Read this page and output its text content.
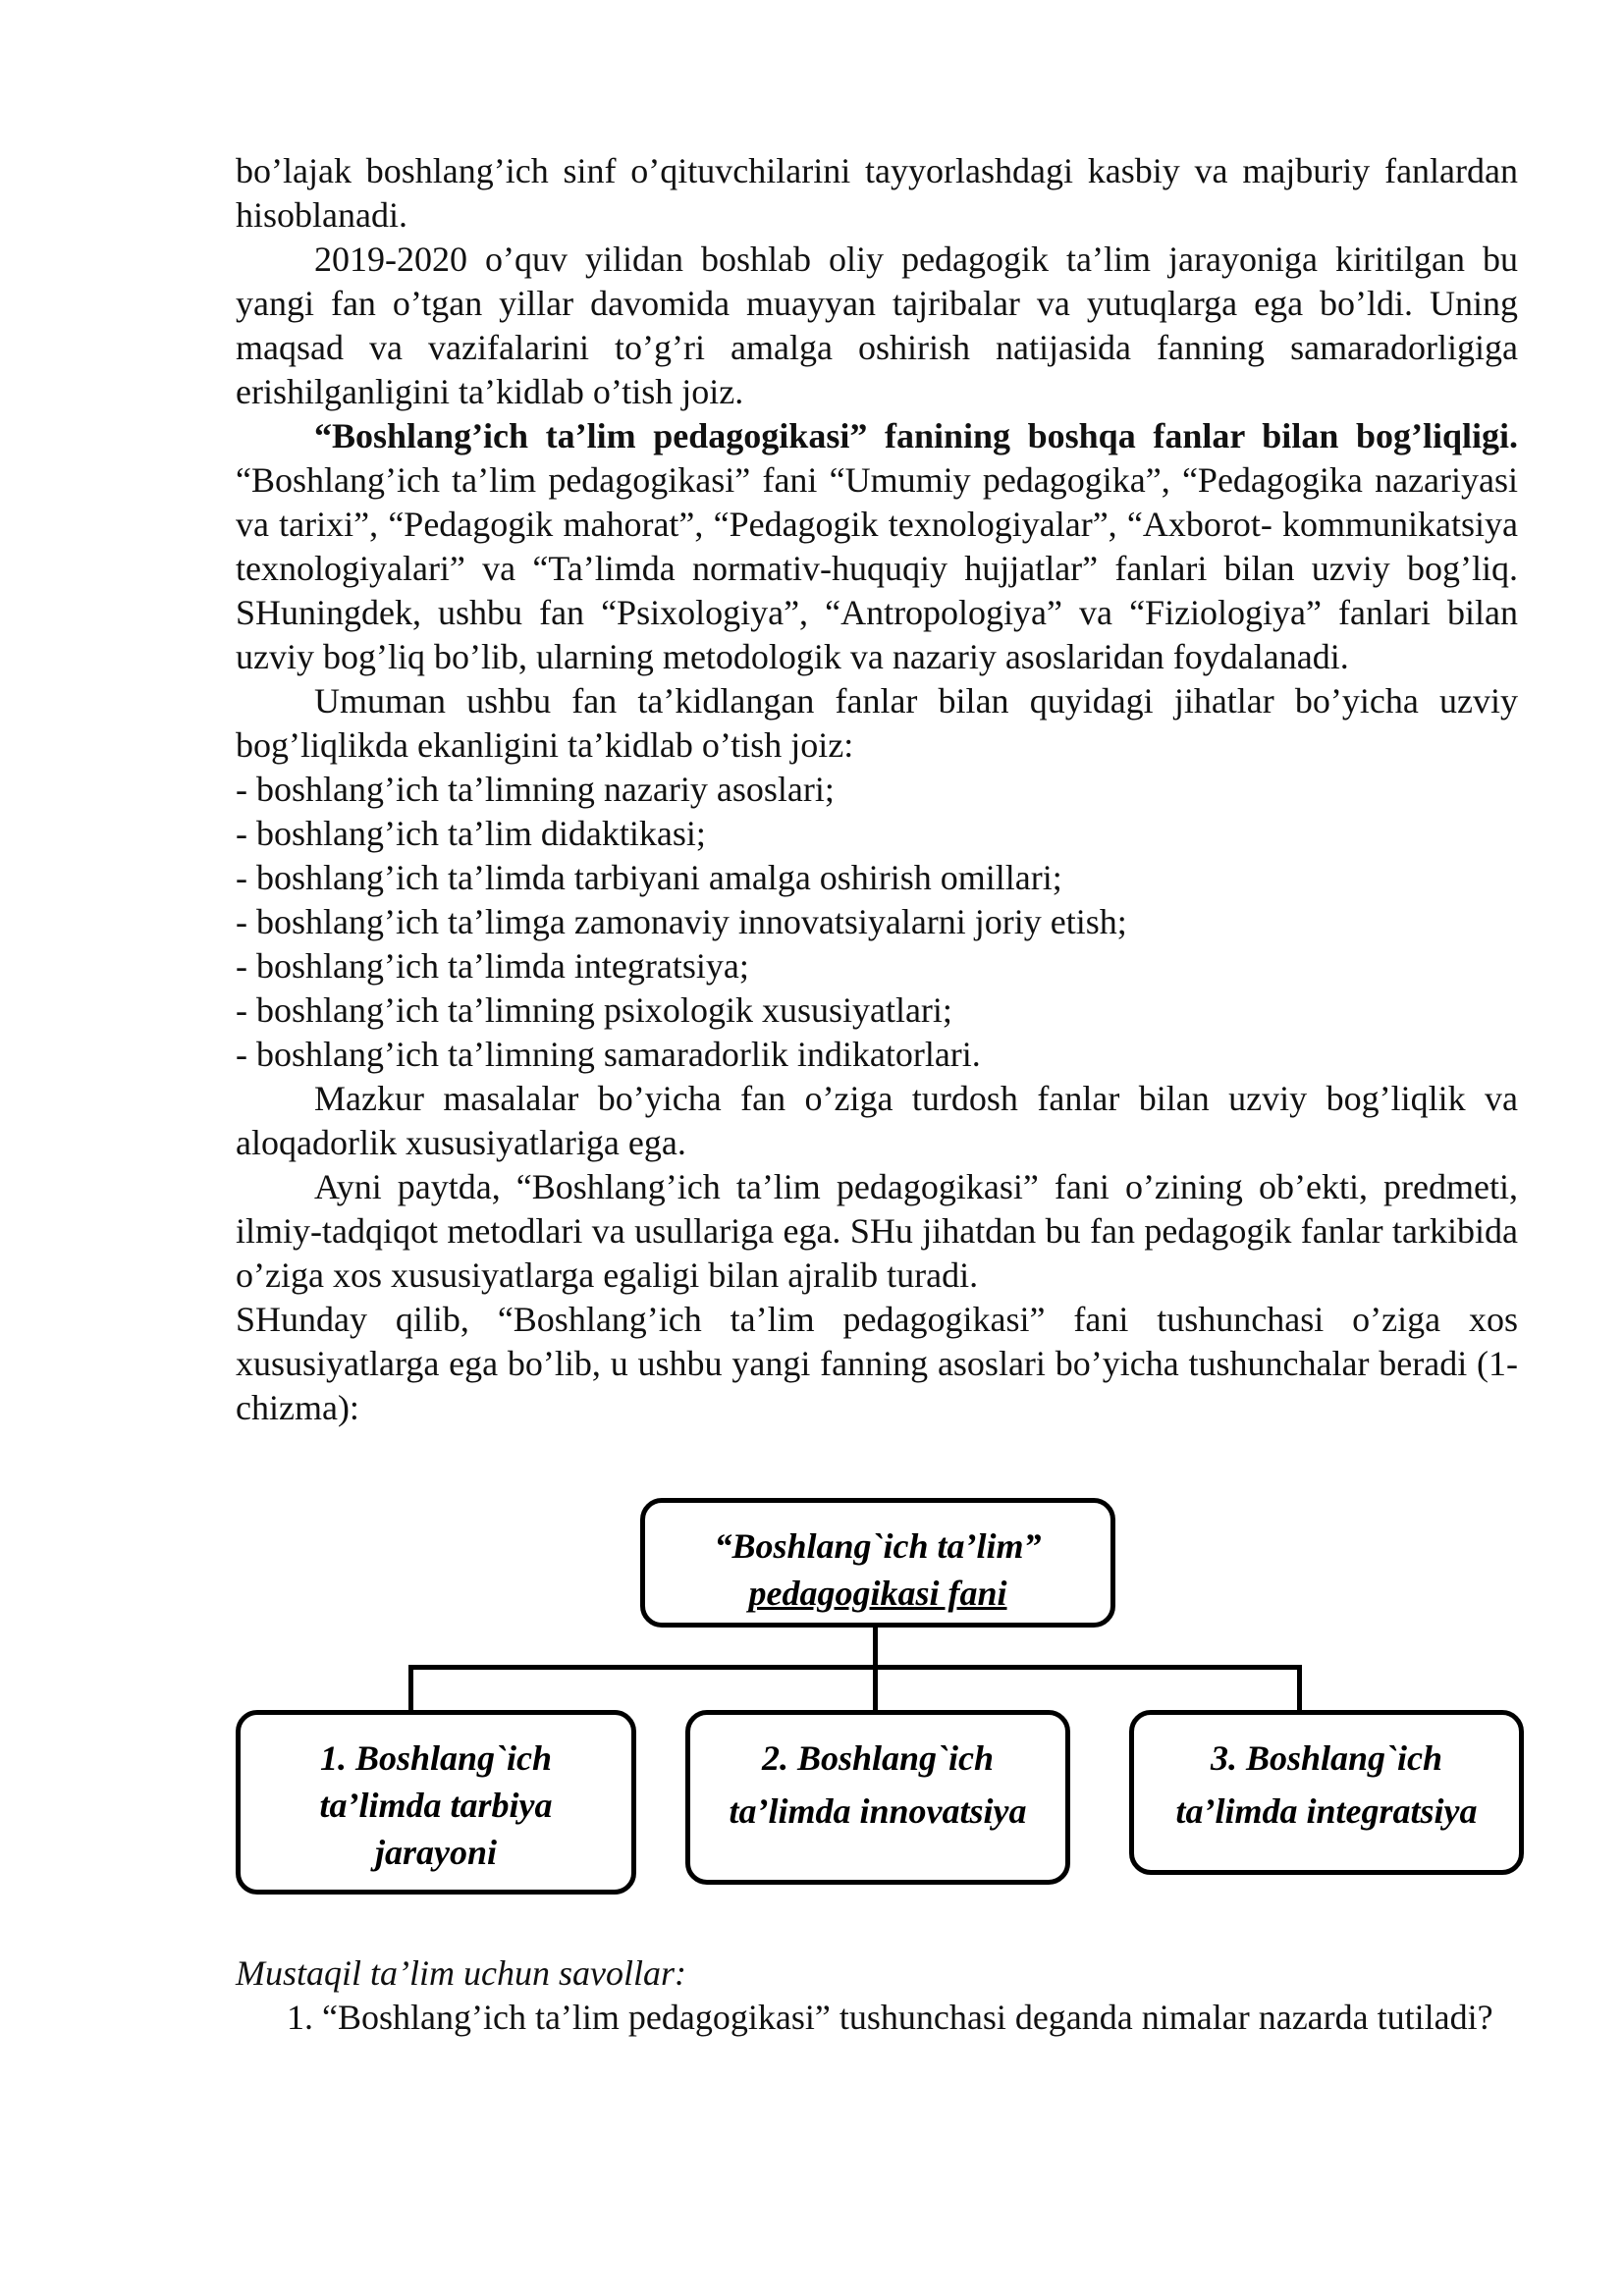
bo’lajak boshlang’ich sinf o’qituvchilarini tayyorlashdagi kasbiy va majburiy fanlardan hisoblanadi.

2019-2020 o’quv yilidan boshlab oliy pedagogik ta’lim jarayoniga kiritilgan bu yangi fan o’tgan yillar davomida muayyan tajribalar va yutuqlarga ega bo’ldi. Uning maqsad va vazifalarini to’g’ri amalga oshirish natijasida fanning samaradorligiga erishilganligini ta’kidlab o’tish joiz.

“Boshlang’ich ta’lim pedagogikasi” fanining boshqa fanlar bilan bog’liqligi. “Boshlang’ich ta’lim pedagogikasi” fani “Umumiy pedagogika”, “Pedagogika nazariyasi va tarixi”, “Pedagogik mahorat”, “Pedagogik texnologiyalar”, “Axborot- kommunikatsiya texnologiyalari” va “Ta’limda normativ-huquqiy hujjatlar” fanlari bilan uzviy bog’liq. SHuningdek, ushbu fan “Psixologiya”, “Antropologiya” va “Fiziologiya” fanlari bilan uzviy bog’liq bo’lib, ularning metodologik va nazariy asoslaridan foydalanadi.

Umuman ushbu fan ta’kidlangan fanlar bilan quyidagi jihatlar bo’yicha uzviy bog’liqlikda ekanligini ta’kidlab o’tish joiz:

- boshlang’ich ta’limning nazariy asoslari;

- boshlang’ich ta’lim didaktikasi;

- boshlang’ich ta’limda tarbiyani amalga oshirish omillari;

- boshlang’ich ta’limga zamonaviy innovatsiyalarni joriy etish;

- boshlang’ich ta’limda integratsiya;

- boshlang’ich ta’limning psixologik xususiyatlari;

- boshlang’ich ta’limning samaradorlik indikatorlari.

Mazkur masalalar bo’yicha fan o’ziga turdosh fanlar bilan uzviy bog’liqlik va aloqadorlik xususiyatlariga ega.

Ayni paytda, “Boshlang’ich ta’lim pedagogikasi” fani o’zining ob’ekti, predmeti, ilmiy-tadqiqot metodlari va usullariga ega. SHu jihatdan bu fan pedagogik fanlar tarkibida o’ziga xos xususiyatlarga egaligi bilan ajralib turadi.

SHunday qilib, “Boshlang’ich ta’lim pedagogikasi” fani tushunchasi o’ziga xos xususiyatlarga ega bo’lib, u ushbu yangi fanning asoslari bo’yicha tushunchalar beradi (1-chizma):

“Boshlang`ich ta’lim”
pedagogikasi fani
1. Boshlang`ich
ta’limda tarbiya
jarayoni
2. Boshlang`ich
ta’limda innovatsiya
3. Boshlang`ich
ta’limda integratsiya

Mustaqil ta’lim uchun savollar:

1. “Boshlang’ich ta’lim pedagogikasi” tushunchasi deganda nimalar nazarda tutiladi?
